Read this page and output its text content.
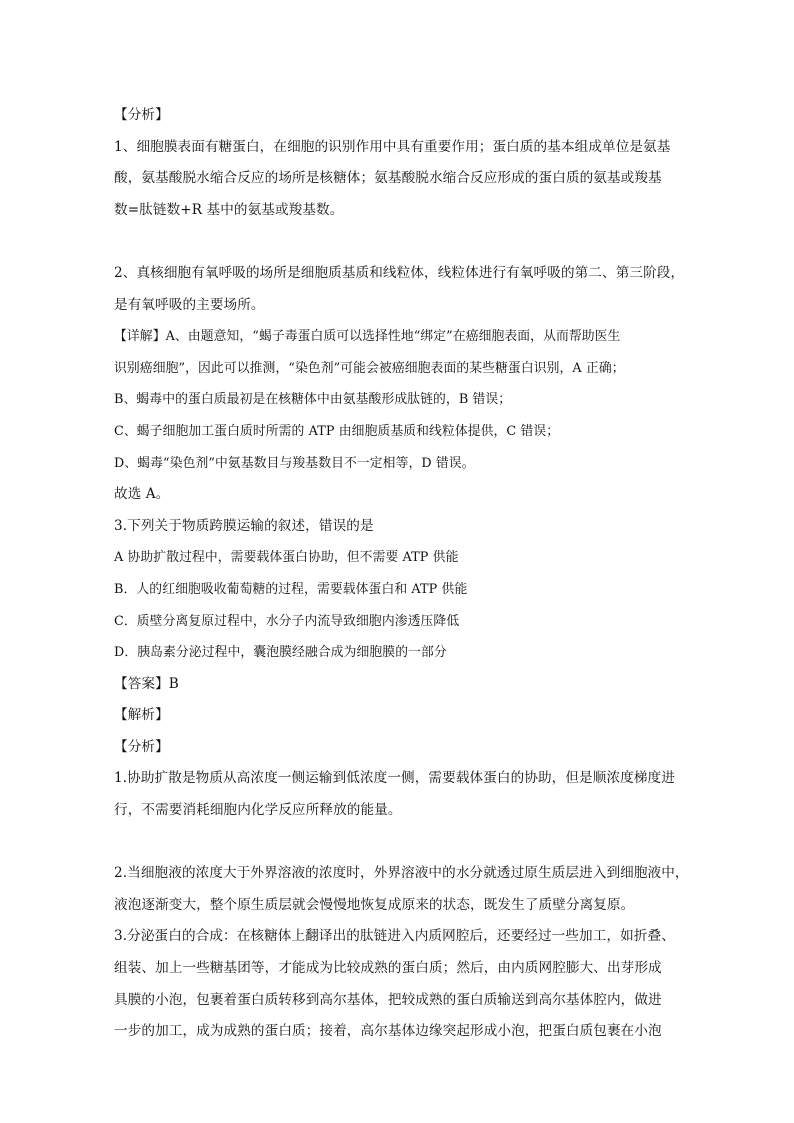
【分析】
1、细胞膜表面有糖蛋白，在细胞的识别作用中具有重要作用；蛋白质的基本组成单位是氨基
酸，氨基酸脱水缩合反应的场所是核糖体；氨基酸脱水缩合反应形成的蛋白质的氨基或羧基
数=肽链数+R 基中的氨基或羧基数。
2、真核细胞有氧呼吸的场所是细胞质基质和线粒体，线粒体进行有氧呼吸的第二、第三阶段，
是有氧呼吸的主要场所。
【详解】A、由题意知，“蝎子毒蛋白质可以选择性地“绑定”在癌细胞表面，从而帮助医生
识别癌细胞”，因此可以推测，“染色剂”可能会被癌细胞表面的某些糖蛋白识别，A 正确；
B、蝎毒中的蛋白质最初是在核糖体中由氨基酸形成肽链的，B 错误；
C、蝎子细胞加工蛋白质时所需的 ATP 由细胞质基质和线粒体提供，C 错误；
D、蝎毒“染色剂”中氨基数目与羧基数目不一定相等，D 错误。
故选 A。
3.下列关于物质跨膜运输的叙述，错误的是
A 协助扩散过程中，需要载体蛋白协助，但不需要 ATP 供能
B．人的红细胞吸收葡萄糖的过程，需要载体蛋白和 ATP 供能
C．质壁分离复原过程中，水分子内流导致细胞内渗透压降低
D．胰岛素分泌过程中，囊泡膜经融合成为细胞膜的一部分
【答案】B
【解析】
【分析】
1.协助扩散是物质从高浓度一侧运输到低浓度一侧，需要载体蛋白的协助，但是顺浓度梯度进
行，不需要消耗细胞内化学反应所释放的能量。
2.当细胞液的浓度大于外界溶液的浓度时，外界溶液中的水分就透过原生质层进入到细胞液中，
液泡逐渐变大，整个原生质层就会慢慢地恢复成原来的状态，既发生了质壁分离复原。
3.分泌蛋白的合成：在核糖体上翻译出的肽链进入内质网腔后，还要经过一些加工，如折叠、
组装、加上一些糖基团等，才能成为比较成熟的蛋白质；然后，由内质网腔膨大、出芽形成
具膜的小泡，包裹着蛋白质转移到高尔基体，把较成熟的蛋白质输送到高尔基体腔内，做进
一步的加工，成为成熟的蛋白质；接着，高尔基体边缘突起形成小泡，把蛋白质包裹在小泡
